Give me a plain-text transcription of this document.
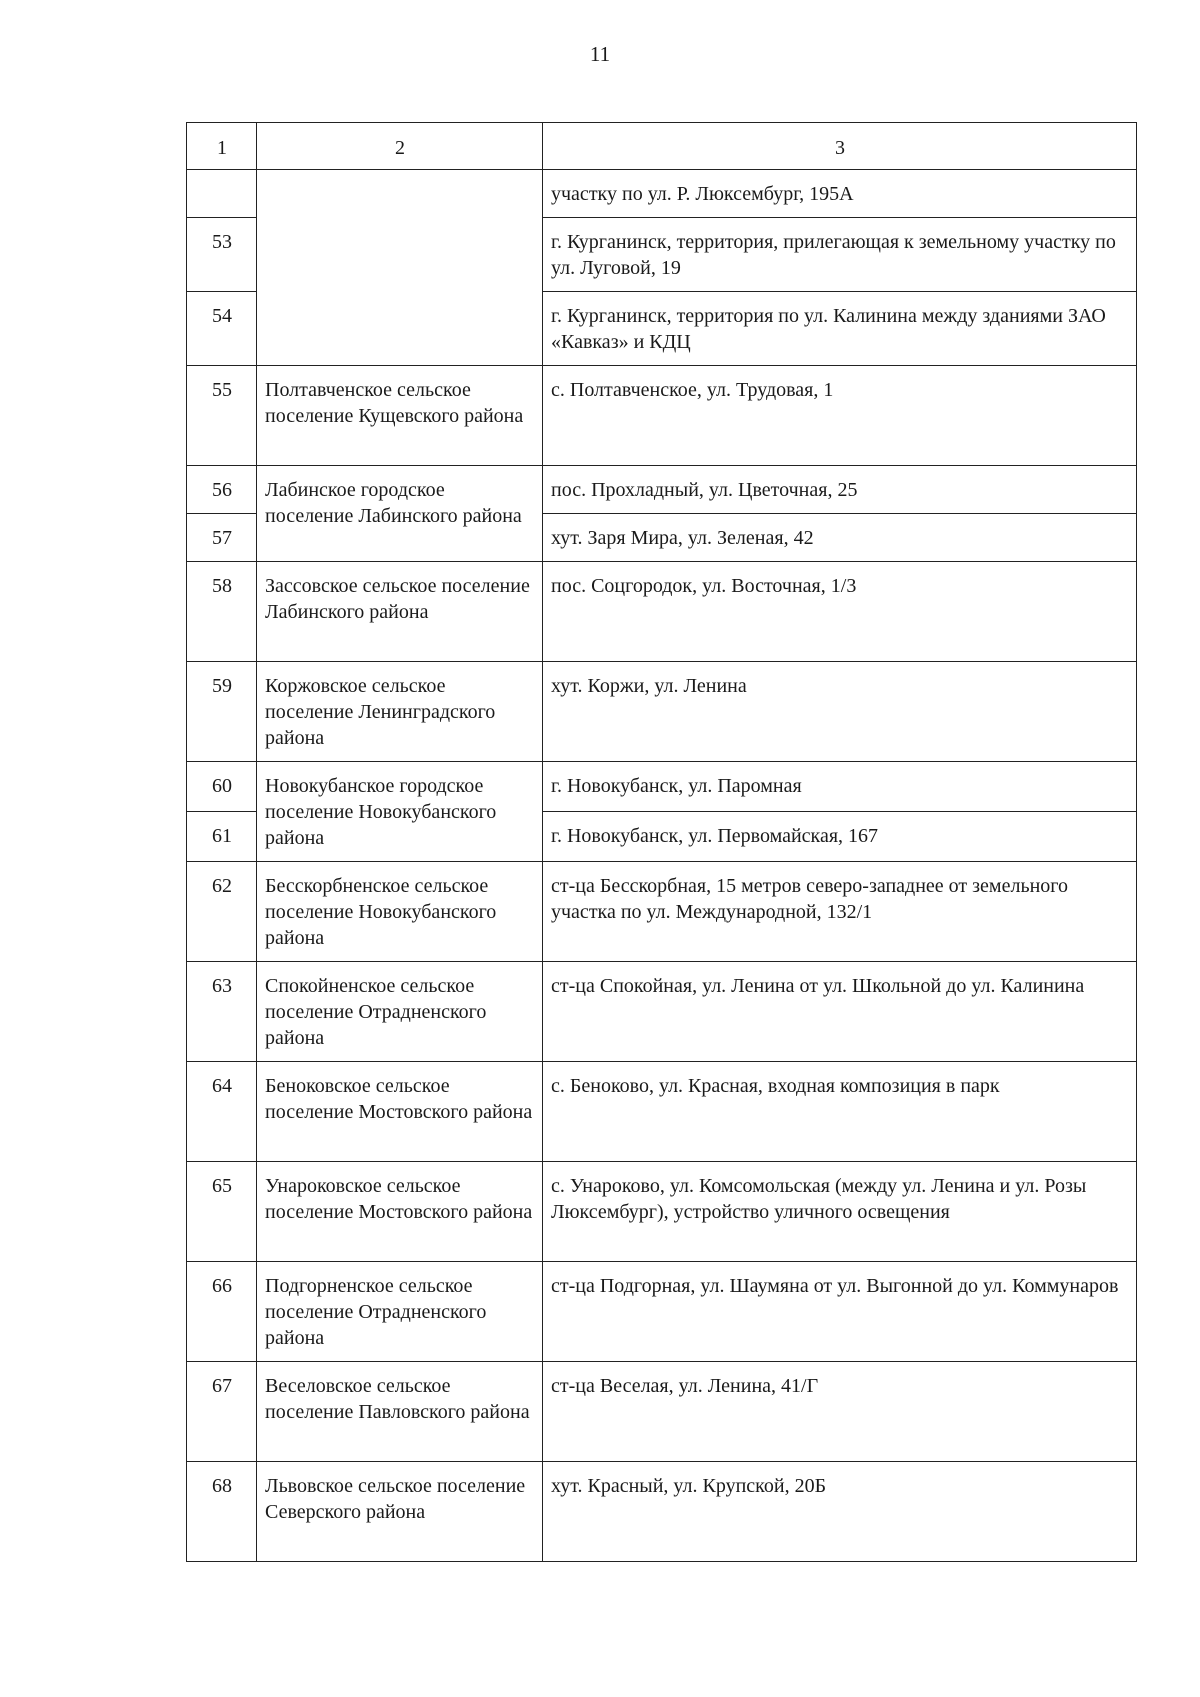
11
1	2	3
		участку по ул. Р. Люксембург, 195А
53		г. Курганинск, территория, прилегающая к земельному участку по ул. Луговой, 19
54		г. Курганинск, территория по ул. Калинина между зданиями ЗАО «Кавказ» и КДЦ
55	Полтавченское сельское поселение Кущевского района	с. Полтавченское, ул. Трудовая, 1
56	Лабинское городское поселение Лабинского района	пос. Прохладный, ул. Цветочная, 25
57		хут. Заря Мира, ул. Зеленая, 42
58	Зассовское сельское поселение Лабинского района	пос. Соцгородок, ул. Восточная, 1/3
59	Коржовское сельское поселение Ленинградского района	хут. Коржи, ул. Ленина
60	Новокубанское городское поселение Новокубанского района	г. Новокубанск, ул. Паромная
61		г. Новокубанск, ул. Первомайская, 167
62	Бесскорбненское сельское поселение Новокубанского района	ст-ца Бесскорбная, 15 метров северо-западнее от земельного участка по ул. Международной, 132/1
63	Спокойненское сельское поселение Отрадненского района	ст-ца Спокойная, ул. Ленина от ул. Школьной до ул. Калинина
64	Беноковское сельское поселение Мостовского района	с. Беноково, ул. Красная, входная композиция в парк
65	Унароковское сельское поселение Мостовского района	с. Унароково, ул. Комсомольская (между ул. Ленина и ул. Розы Люксембург), устройство уличного освещения
66	Подгорненское сельское поселение Отрадненского района	ст-ца Подгорная, ул. Шаумяна от ул. Выгонной до ул. Коммунаров
67	Веселовское сельское поселение Павловского района	ст-ца Веселая, ул. Ленина, 41/Г
68	Львовское сельское поселение Северского района	хут. Красный, ул. Крупской, 20Б
